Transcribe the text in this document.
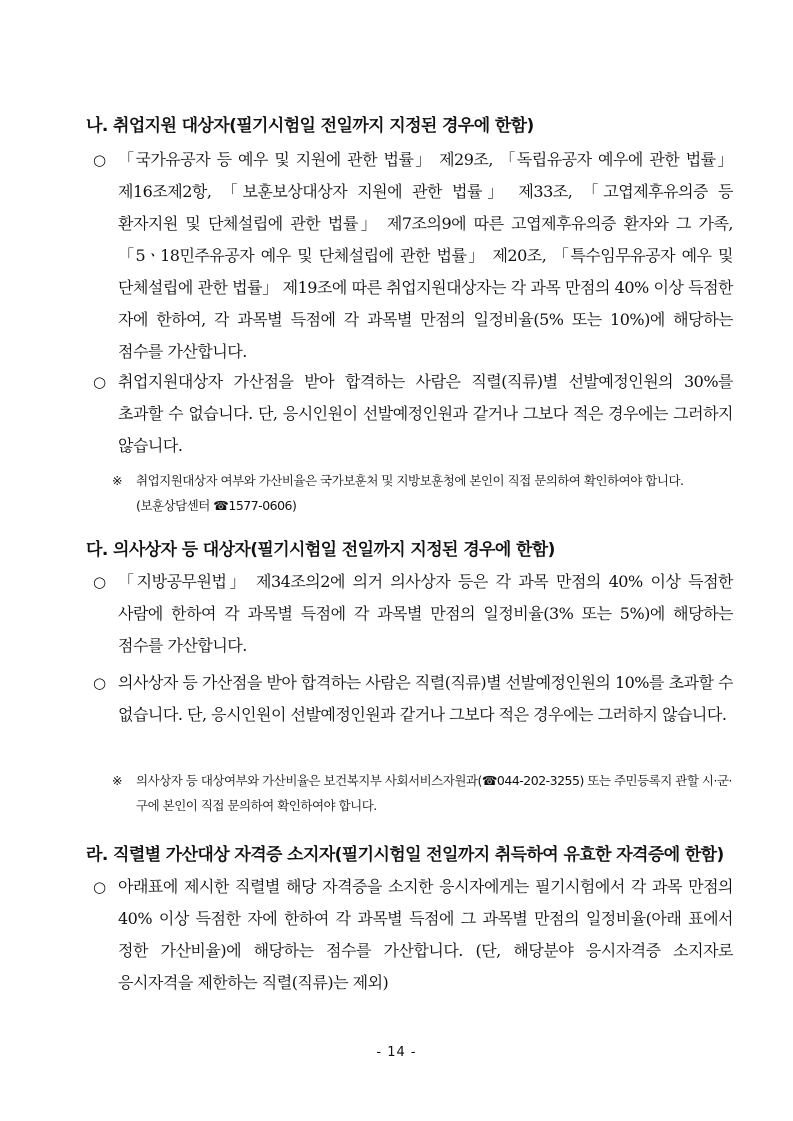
나. 취업지원 대상자(필기시험일 전일까지 지정된 경우에 한함)
○ 「국가유공자 등 예우 및 지원에 관한 법률」 제29조, 「독립유공자 예우에 관한 법률」 제16조제2항, 「보훈보상대상자 지원에 관한 법률」 제33조, 「고엽제후유의증 등 환자지원 및 단체설립에 관한 법률」 제7조의9에 따른 고엽제후유의증 환자와 그 가족, 「5ㆍ18민주유공자 예우 및 단체설립에 관한 법률」 제20조, 「특수임무유공자 예우 및 단체설립에 관한 법률」 제19조에 따른 취업지원대상자는 각 과목 만점의 40% 이상 득점한 자에 한하여, 각 과목별 득점에 각 과목별 만점의 일정비율(5% 또는 10%)에 해당하는 점수를 가산합니다.
○ 취업지원대상자 가산점을 받아 합격하는 사람은 직렬(직류)별 선발예정인원의 30%를 초과할 수 없습니다. 단, 응시인원이 선발예정인원과 같거나 그보다 적은 경우에는 그러하지 않습니다.
※ 취업지원대상자 여부와 가산비율은 국가보훈처 및 지방보훈청에 본인이 직접 문의하여 확인하여야 합니다.(보훈상담센터 ☎1577-0606)
다. 의사상자 등 대상자(필기시험일 전일까지 지정된 경우에 한함)
○ 「지방공무원법」 제34조의2에 의거 의사상자 등은 각 과목 만점의 40% 이상 득점한 사람에 한하여 각 과목별 득점에 각 과목별 만점의 일정비율(3% 또는 5%)에 해당하는 점수를 가산합니다.
○ 의사상자 등 가산점을 받아 합격하는 사람은 직렬(직류)별 선발예정인원의 10%를 초과할 수 없습니다. 단, 응시인원이 선발예정인원과 같거나 그보다 적은 경우에는 그러하지 않습니다.
※ 의사상자 등 대상여부와 가산비율은 보건복지부 사회서비스자원과(☎044-202-3255) 또는 주민등록지 관할 시·군·구에 본인이 직접 문의하여 확인하여야 합니다.
라. 직렬별 가산대상 자격증 소지자(필기시험일 전일까지 취득하여 유효한 자격증에 한함)
○ 아래표에 제시한 직렬별 해당 자격증을 소지한 응시자에게는 필기시험에서 각 과목 만점의 40% 이상 득점한 자에 한하여 각 과목별 득점에 그 과목별 만점의 일정비율(아래 표에서 정한 가산비율)에 해당하는 점수를 가산합니다. (단, 해당분야 응시자격증 소지자로 응시자격을 제한하는 직렬(직류)는 제외)
- 14 -
